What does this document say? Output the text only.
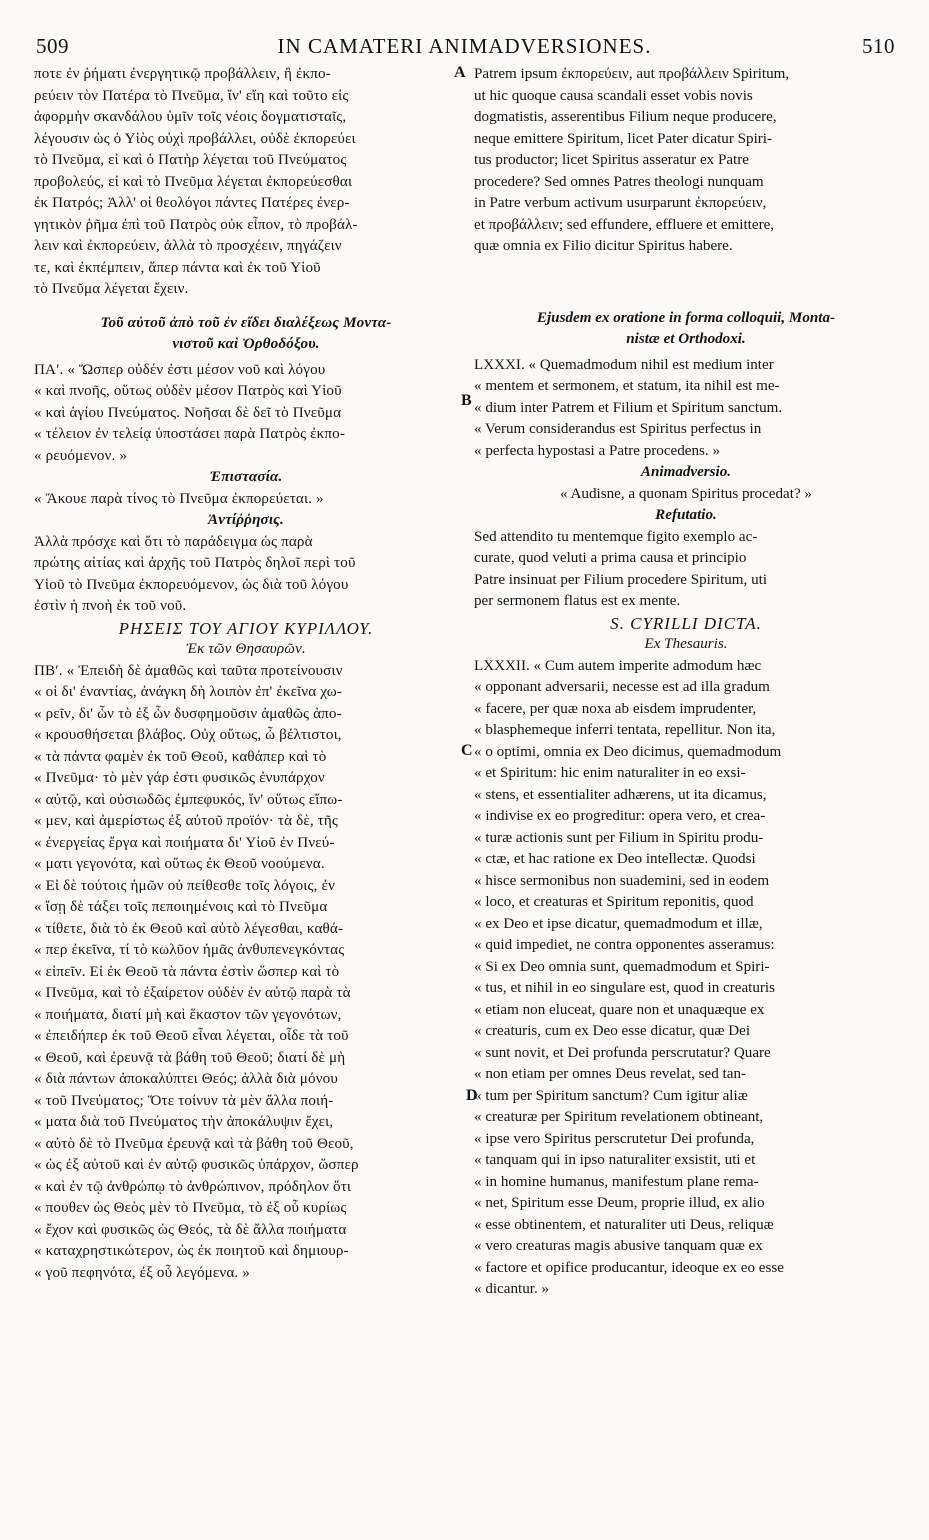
509	IN CAMATERI ANIMADVERSIONES.	510
A
B
C
D

ποτε ἐν ῥήματι ἐνεργητικῷ προβάλλειν, ἢ ἐκπο-

ρεύειν τὸν Πατέρα τὸ Πνεῦμα, ἵν' εἴη καὶ τοῦτο εἰς

ἀφορμὴν σκανδάλου ὑμῖν τοῖς νέοις δογματισταῖς,

λέγουσιν ὡς ὁ Υἱὸς οὐχὶ προβάλλει, οὐδὲ ἐκπορεύει

τὸ Πνεῦμα, εἰ καὶ ὁ Πατὴρ λέγεται τοῦ Πνεύματος

προβολεύς, εἰ καὶ τὸ Πνεῦμα λέγεται ἐκπορεύεσθαι

ἐκ Πατρός; Ἀλλ' οἱ θεολόγοι πάντες Πατέρες ἐνερ-

γητικὸν ῥῆμα ἐπὶ τοῦ Πατρὸς οὐκ εἶπον, τὸ προβάλ-

λειν καὶ ἐκπορεύειν, ἀλλὰ τὸ προσχέειν, πηγάζειν

τε, καὶ ἐκπέμπειν, ἅπερ πάντα καὶ ἐκ τοῦ Υἱοῦ

τὸ Πνεῦμα λέγεται ἔχειν.

Τοῦ αὐτοῦ ἀπὸ τοῦ ἐν εἴδει διαλέξεως Μοντα-

νιστοῦ καὶ Ὀρθοδόξου.

ΠΑʹ. « Ὥσπερ οὐδέν ἐστι μέσον νοῦ καὶ λόγου

« καὶ πνοῆς, οὕτως οὐδὲν μέσον Πατρὸς καὶ Υἱοῦ

« καὶ ἁγίου Πνεύματος. Νοῆσαι δὲ δεῖ τὸ Πνεῦμα

« τέλειον ἐν τελείᾳ ὑποστάσει παρὰ Πατρὸς ἐκπο-

« ρευόμενον. »

Ἐπιστασία.

« Ἄκουε παρὰ τίνος τὸ Πνεῦμα ἐκπορεύεται. »

Ἀντίῤῥησις.

Ἀλλὰ πρόσχε καὶ ὅτι τὸ παράδειγμα ὡς παρὰ

πρώτης αἰτίας καὶ ἀρχῆς τοῦ Πατρὸς δηλοῖ περὶ τοῦ

Υἱοῦ τὸ Πνεῦμα ἐκπορευόμενον, ὡς διὰ τοῦ λόγου

ἐστὶν ἡ πνοὴ ἐκ τοῦ νοῦ.

ΡΗΣΕΙΣ ΤΟΥ ΑΓΙΟΥ ΚΥΡΙΛΛΟΥ.

Ἐκ τῶν Θησαυρῶν.

ΠΒʹ. « Ἐπειδὴ δὲ ἀμαθῶς καὶ ταῦτα προτείνουσιν

« οἱ δι' ἐναντίας, ἀνάγκη δὴ λοιπὸν ἐπ' ἐκεῖνα χω-

« ρεῖν, δι' ὧν τὸ ἐξ ὧν δυσφημοῦσιν ἀμαθῶς ἀπο-

« κρουσθήσεται βλάβος. Οὐχ οὕτως, ὦ βέλτιστοι,

« τὰ πάντα φαμὲν ἐκ τοῦ Θεοῦ, καθάπερ καὶ τὸ

« Πνεῦμα· τὸ μὲν γάρ ἐστι φυσικῶς ἐνυπάρχον

« αὐτῷ, καὶ οὐσιωδῶς ἐμπεφυκός, ἵν' οὕτως εἴπω-

« μεν, καὶ ἀμερίστως ἐξ αὐτοῦ προϊόν· τὰ δὲ, τῆς

« ἐνεργείας ἔργα καὶ ποιήματα δι' Υἱοῦ ἐν Πνεύ-

« ματι γεγονότα, καὶ οὕτως ἐκ Θεοῦ νοούμενα.

« Εἰ δὲ τούτοις ἡμῶν οὐ πείθεσθε τοῖς λόγοις, ἐν

« ἴσῃ δὲ τάξει τοῖς πεποιημένοις καὶ τὸ Πνεῦμα

« τίθετε, διὰ τὸ ἐκ Θεοῦ καὶ αὐτὸ λέγεσθαι, καθά-

« περ ἐκεῖνα, τί τὸ κωλῦον ἡμᾶς ἀνθυπενεγκόντας

« εἰπεῖν. Εἰ ἐκ Θεοῦ τὰ πάντα ἐστὶν ὥσπερ καὶ τὸ

« Πνεῦμα, καὶ τὸ ἐξαίρετον οὐδὲν ἐν αὐτῷ παρὰ τὰ

« ποιήματα, διατί μὴ καὶ ἕκαστον τῶν γεγονότων,

« ἐπειδήπερ ἐκ τοῦ Θεοῦ εἶναι λέγεται, οἶδε τὰ τοῦ

« Θεοῦ, καὶ ἐρευνᾷ τὰ βάθη τοῦ Θεοῦ; διατί δὲ μὴ

« διὰ πάντων ἀποκαλύπτει Θεός; ἀλλὰ διὰ μόνου

« τοῦ Πνεύματος; Ὅτε τοίνυν τὰ μὲν ἄλλα ποιή-

« ματα διὰ τοῦ Πνεύματος τὴν ἀποκάλυψιν ἔχει,

« αὐτὸ δὲ τὸ Πνεῦμα ἐρευνᾷ καὶ τὰ βάθη τοῦ Θεοῦ,

« ὡς ἐξ αὐτοῦ καὶ ἐν αὐτῷ φυσικῶς ὑπάρχον, ὥσπερ

« καὶ ἐν τῷ ἀνθρώπῳ τὸ ἀνθρώπινον, πρόδηλον ὅτι

« πουθεν ὡς Θεὸς μὲν τὸ Πνεῦμα, τὸ ἐξ οὗ κυρίως

« ἔχον καὶ φυσικῶς ὡς Θεός, τὰ δὲ ἄλλα ποιήματα

« καταχρηστικώτερον, ὡς ἐκ ποιητοῦ καὶ δημιουρ-

« γοῦ πεφηνότα, ἐξ οὗ λεγόμενα. »

Patrem ipsum ἐκπορεύειν, aut προβάλλειν Spiritum,

ut hic quoque causa scandali esset vobis novis

dogmatistis, asserentibus Filium neque producere,

neque emittere Spiritum, licet Pater dicatur Spiri-

tus productor; licet Spiritus asseratur ex Patre

procedere? Sed omnes Patres theologi nunquam

in Patre verbum activum usurparunt ἐκπορεύειν,

et προβάλλειν; sed effundere, effluere et emittere,

quæ omnia ex Filio dicitur Spiritus habere.

Ejusdem ex oratione in forma colloquii, Monta-

nistæ et Orthodoxi.

LXXXI. « Quemadmodum nihil est medium inter

« mentem et sermonem, et statum, ita nihil est me-

« dium inter Patrem et Filium et Spiritum sanctum.

« Verum considerandus est Spiritus perfectus in

« perfecta hypostasi a Patre procedens. »

Animadversio.

« Audisne, a quonam Spiritus procedat? »

Refutatio.

Sed attendito tu mentemque figito exemplo ac-

curate, quod veluti a prima causa et principio

Patre insinuat per Filium procedere Spiritum, uti

per sermonem flatus est ex mente.

S. CYRILLI DICTA.

Ex Thesauris.

LXXXII. « Cum autem imperite admodum hæc

« opponant adversarii, necesse est ad illa gradum

« facere, per quæ noxa ab eisdem imprudenter,

« blasphemeque inferri tentata, repellitur. Non ita,

« o optimi, omnia ex Deo dicimus, quemadmodum

« et Spiritum: hic enim naturaliter in eo exsi-

« stens, et essentialiter adhærens, ut ita dicamus,

« indivise ex eo progreditur: opera vero, et crea-

« turæ actionis sunt per Filium in Spiritu produ-

« ctæ, et hac ratione ex Deo intellectæ. Quodsi

« hisce sermonibus non suademini, sed in eodem

« loco, et creaturas et Spiritum reponitis, quod

« ex Deo et ipse dicatur, quemadmodum et illæ,

« quid impediet, ne contra opponentes asseramus:

« Si ex Deo omnia sunt, quemadmodum et Spiri-

« tus, et nihil in eo singulare est, quod in creaturis

« etiam non eluceat, quare non et unaquæque ex

« creaturis, cum ex Deo esse dicatur, quæ Dei

« sunt novit, et Dei profunda perscrutatur? Quare

« non etiam per omnes Deus revelat, sed tan-

« tum per Spiritum sanctum? Cum igitur aliæ

« creaturæ per Spiritum revelationem obtineant,

« ipse vero Spiritus perscrutetur Dei profunda,

« tanquam qui in ipso naturaliter exsistit, uti et

« in homine humanus, manifestum plane rema-

« net, Spiritum esse Deum, proprie illud, ex alio

« esse obtinentem, et naturaliter uti Deus, reliquæ

« vero creaturas magis abusive tanquam quæ ex

« factore et opifice producantur, ideoque ex eo esse

« dicantur. »
